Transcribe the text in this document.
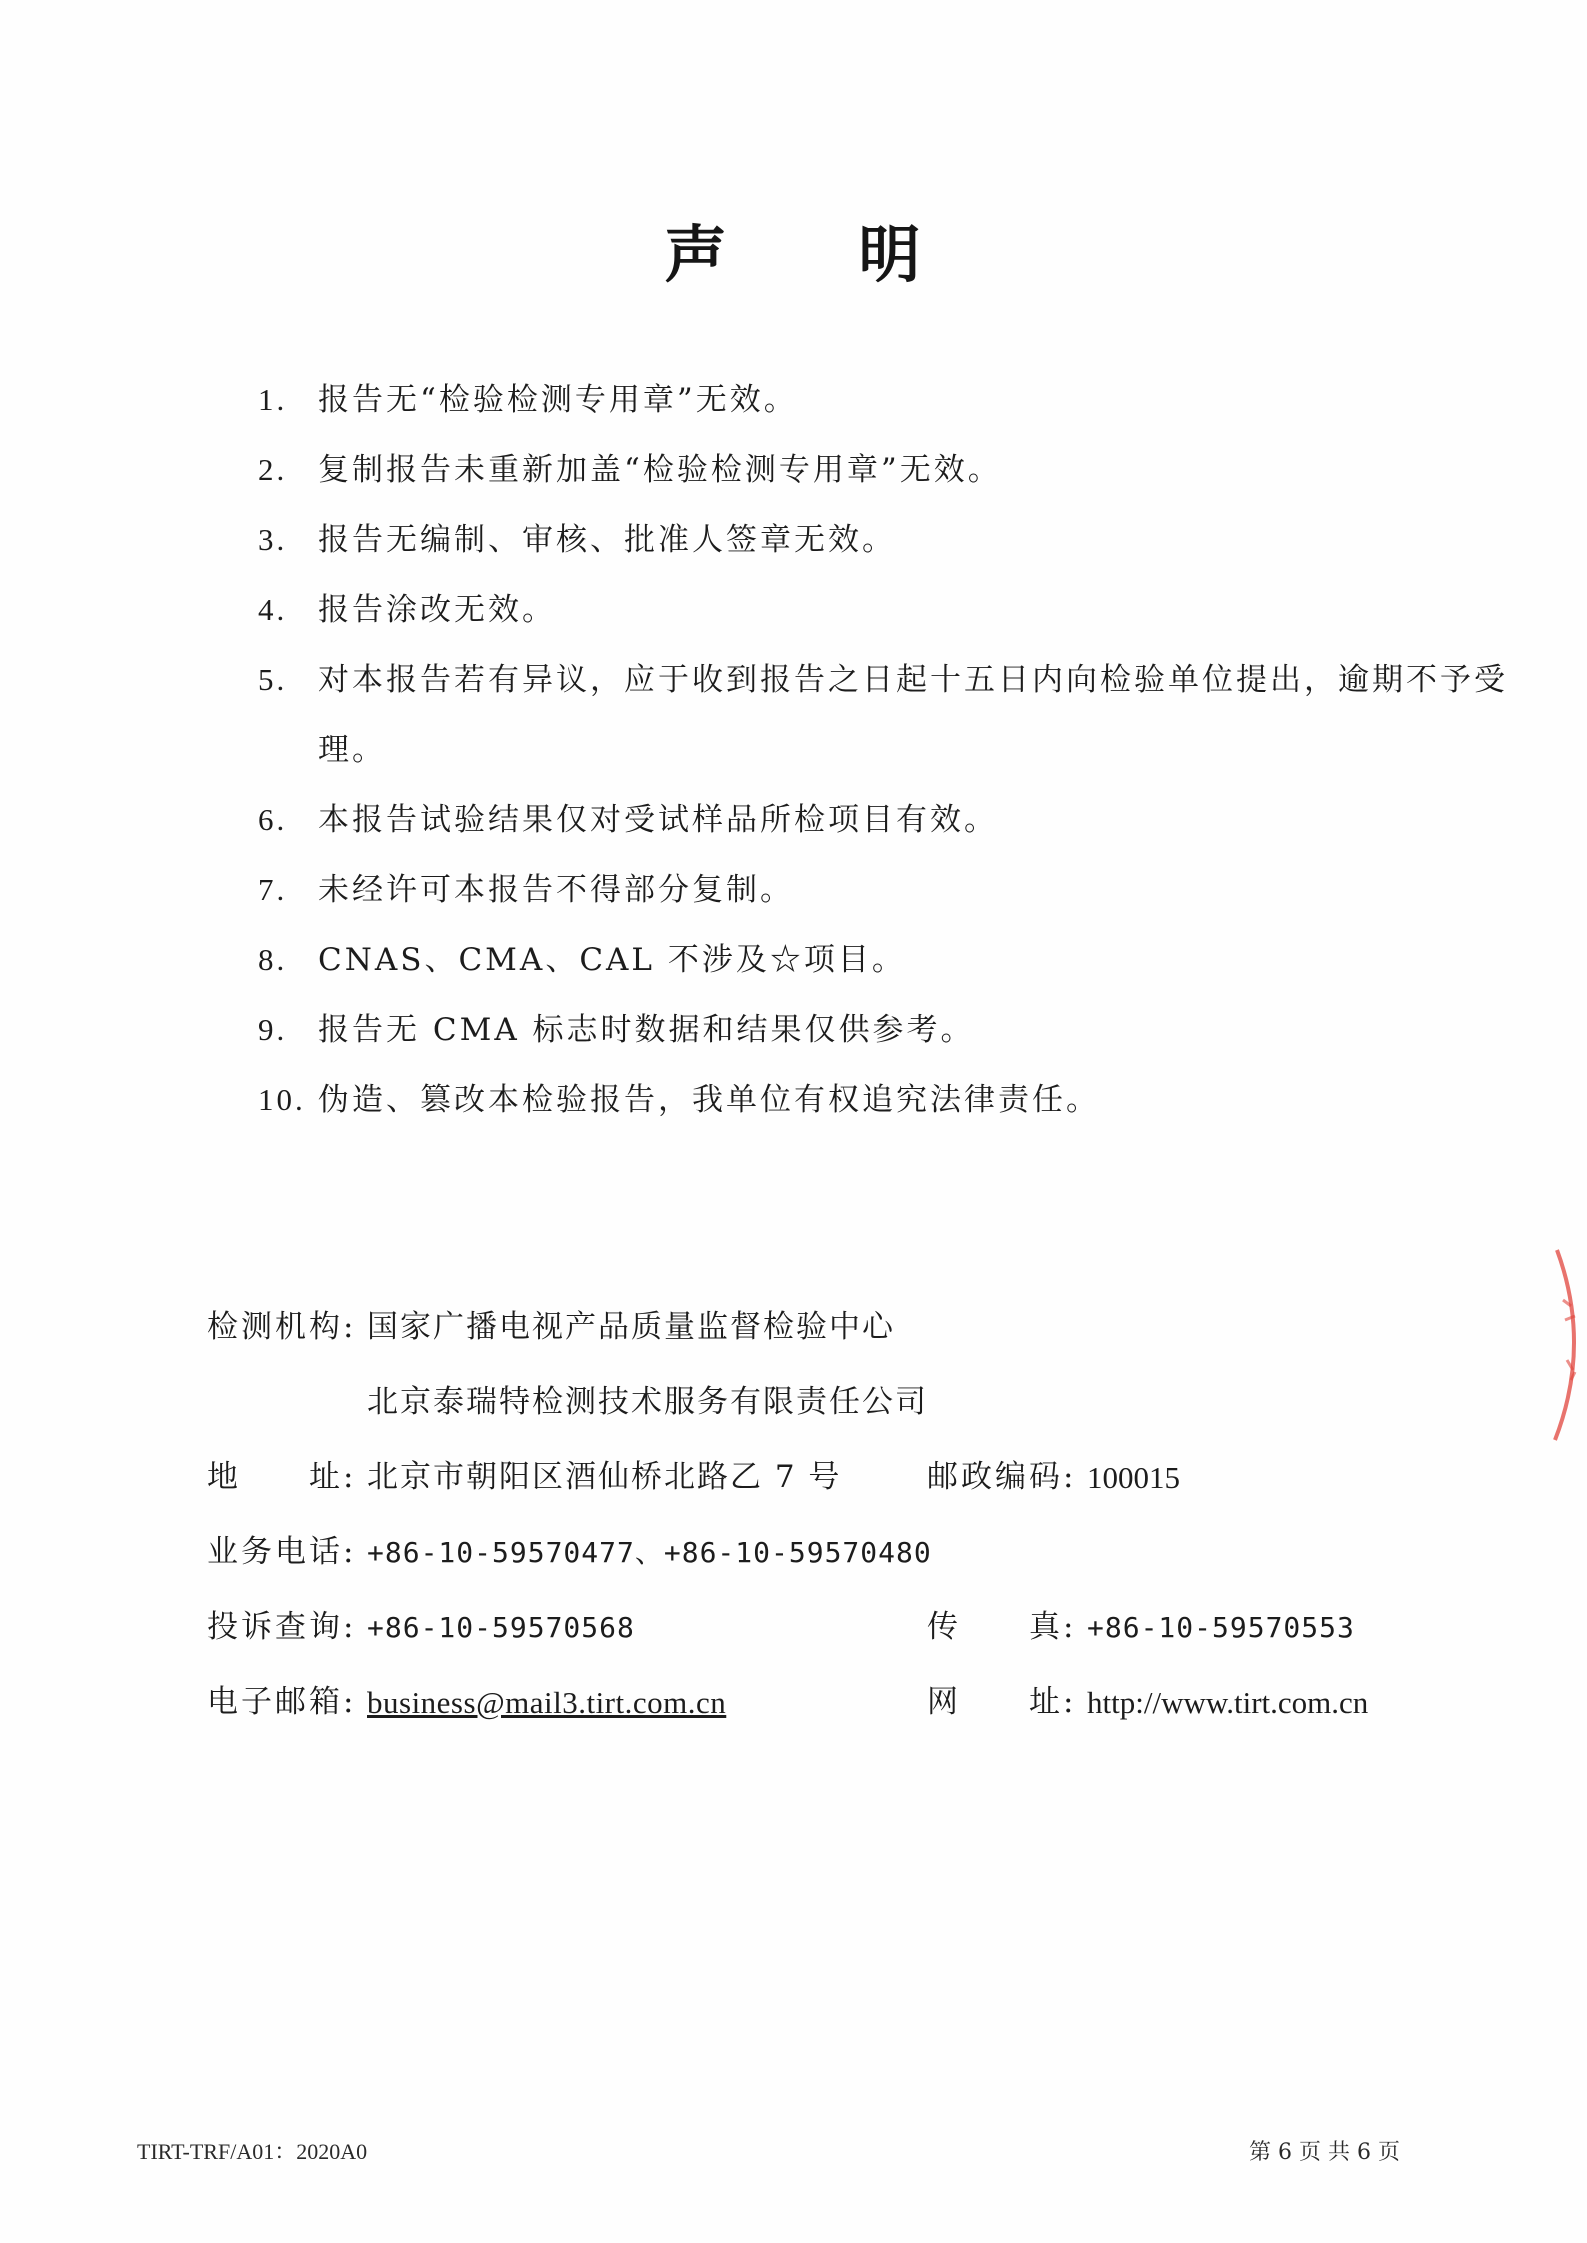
声 明
1. 报告无“检验检测专用章”无效。
2. 复制报告未重新加盖“检验检测专用章”无效。
3. 报告无编制、审核、批准人签章无效。
4. 报告涂改无效。
5. 对本报告若有异议，应于收到报告之日起十五日内向检验单位提出，逾期不予受
理。
6. 本报告试验结果仅对受试样品所检项目有效。
7. 未经许可本报告不得部分复制。
8. CNAS、CMA、CAL 不涉及☆项目。
9. 报告无 CMA 标志时数据和结果仅供参考。
10. 伪造、篡改本检验报告，我单位有权追究法律责任。
检测机构: 国家广播电视产品质量监督检验中心
北京泰瑞特检测技术服务有限责任公司
地　　址: 北京市朝阳区酒仙桥北路乙 7 号	邮政编码: 100015
业务电话: +86-10-59570477、+86-10-59570480
投诉查询: +86-10-59570568	传　　真: +86-10-59570553
电子邮箱: business@mail3.tirt.com.cn	网　　址: http://www.tirt.com.cn
TIRT-TRF/A01：2020A0	第 6 页 共 6 页
